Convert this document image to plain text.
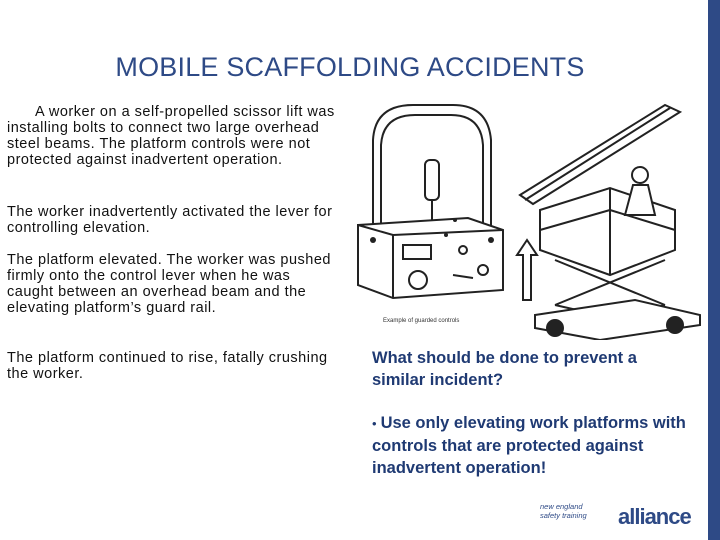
MOBILE SCAFFOLDING ACCIDENTS
A worker on a self-propelled scissor lift was installing bolts to connect two large overhead steel beams. The platform controls were not protected against inadvertent operation.
The worker inadvertently activated the lever for controlling elevation.
The platform elevated. The worker was pushed firmly onto the control lever when he was caught between an overhead beam and the elevating platform’s guard rail.
The platform continued to rise, fatally crushing the worker.
Example of guarded controls
What should be done to prevent a similar incident?
• Use only elevating work platforms with controls that are protected against inadvertent operation!
new england
safety training alliance
